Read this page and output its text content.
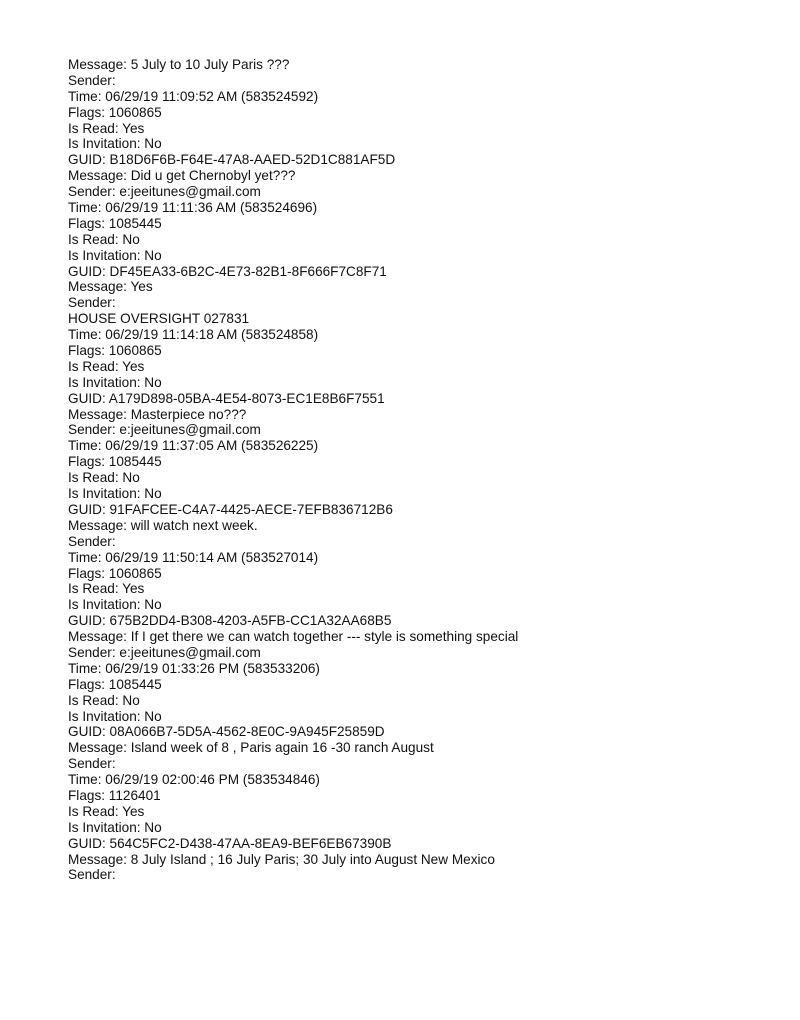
Message: 5 July to 10 July Paris ???
Sender:
Time: 06/29/19 11:09:52 AM (583524592)
Flags: 1060865
Is Read: Yes
Is Invitation: No
GUID: B18D6F6B-F64E-47A8-AAED-52D1C881AF5D
Message: Did u get Chernobyl yet???
Sender: e:jeeitunes@gmail.com
Time: 06/29/19 11:11:36 AM (583524696)
Flags: 1085445
Is Read: No
Is Invitation: No
GUID: DF45EA33-6B2C-4E73-82B1-8F666F7C8F71
Message: Yes
Sender:
HOUSE OVERSIGHT 027831
Time: 06/29/19 11:14:18 AM (583524858)
Flags: 1060865
Is Read: Yes
Is Invitation: No
GUID: A179D898-05BA-4E54-8073-EC1E8B6F7551
Message: Masterpiece no???
Sender: e:jeeitunes@gmail.com
Time: 06/29/19 11:37:05 AM (583526225)
Flags: 1085445
Is Read: No
Is Invitation: No
GUID: 91FAFCEE-C4A7-4425-AECE-7EFB836712B6
Message: will watch next week.
Sender:
Time: 06/29/19 11:50:14 AM (583527014)
Flags: 1060865
Is Read: Yes
Is Invitation: No
GUID: 675B2DD4-B308-4203-A5FB-CC1A32AA68B5
Message: If I get there we can watch together --- style is something special
Sender: e:jeeitunes@gmail.com
Time: 06/29/19 01:33:26 PM (583533206)
Flags: 1085445
Is Read: No
Is Invitation: No
GUID: 08A066B7-5D5A-4562-8E0C-9A945F25859D
Message: Island week of 8 , Paris again 16 -30 ranch August
Sender:
Time: 06/29/19 02:00:46 PM (583534846)
Flags: 1126401
Is Read: Yes
Is Invitation: No
GUID: 564C5FC2-D438-47AA-8EA9-BEF6EB67390B
Message: 8 July Island ; 16 July Paris; 30 July into August New Mexico
Sender:
